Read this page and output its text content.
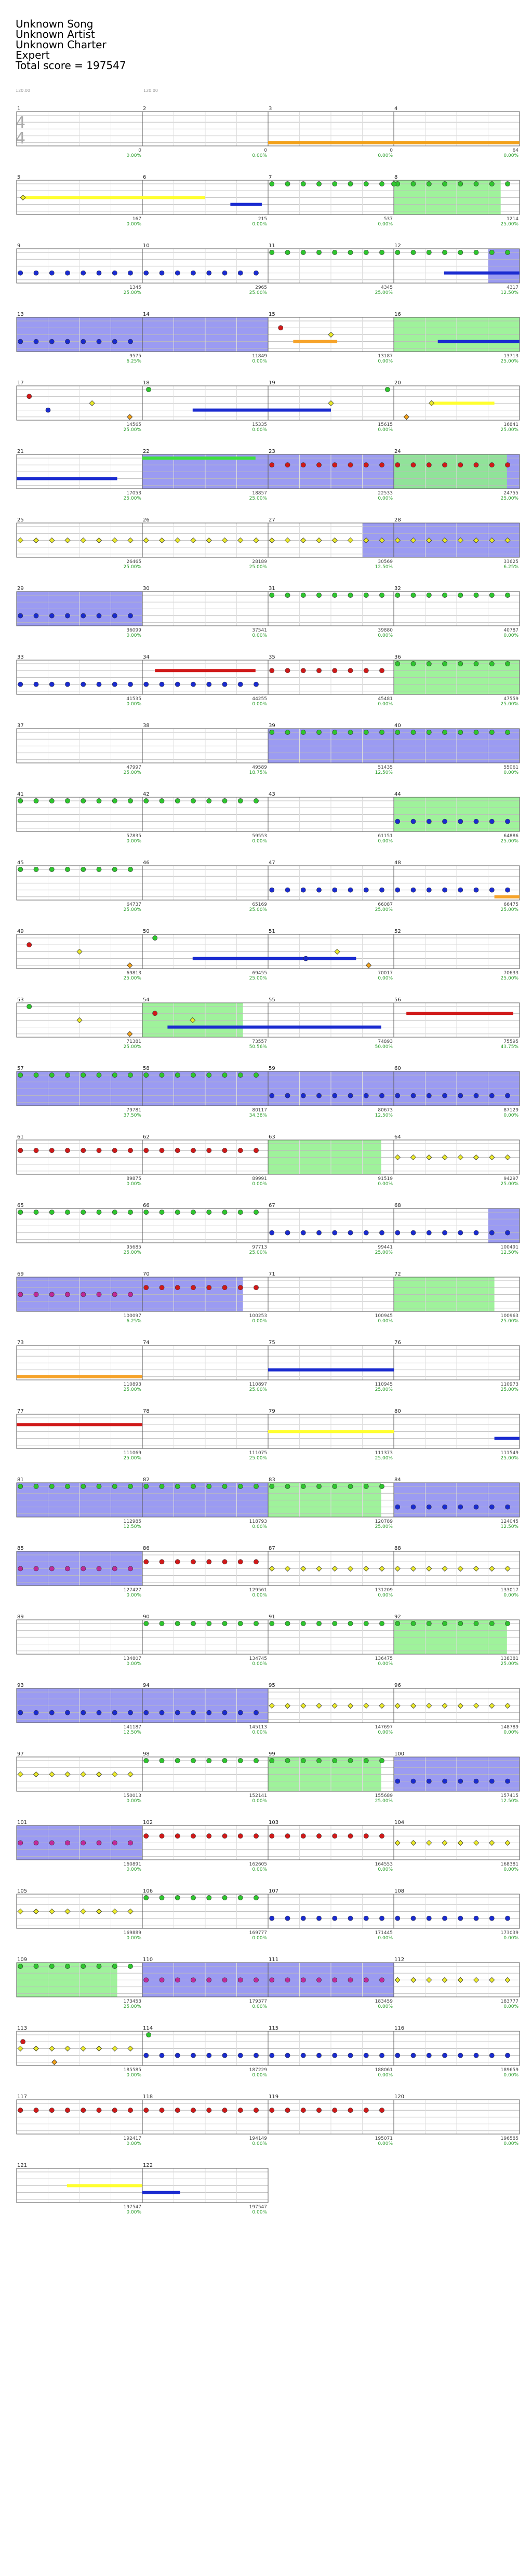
Unknown Song
Unknown Artist
Unknown Charter
Expert
Total score = 197547
120.00	120.00
4
4
1
0
0.00%
2
0
0.00%
3
0
0.00%
4
64
0.00%
5
167
0.00%
6
215
0.00%
7
537
0.00%
8
1214
25.00%
9
1345
25.00%
10
2965
25.00%
11
4345
25.00%
12
4317
12.50%
13
9575
6.25%
14
11849
0.00%
15
13187
0.00%
16
13713
25.00%
17
14565
25.00%
18
15335
0.00%
19
15615
0.00%
20
16841
25.00%
21
17053
25.00%
22
18857
25.00%
23
22533
0.00%
24
24755
25.00%
25
26465
25.00%
26
28189
25.00%
27
30569
12.50%
28
33625
6.25%
29
36099
0.00%
30
37541
0.00%
31
39880
0.00%
32
40787
0.00%
33
41535
0.00%
34
44255
0.00%
35
45481
0.00%
36
47559
25.00%
37
47997
25.00%
38
49589
18.75%
39
51435
12.50%
40
55061
0.00%
41
57835
0.00%
42
59553
0.00%
43
61151
0.00%
44
64886
25.00%
45
64737
25.00%
46
65169
25.00%
47
66087
25.00%
48
66475
25.00%
49
69813
25.00%
50
69455
25.00%
51
70017
0.00%
52
70633
25.00%
53
71381
25.00%
54
73557
50.56%
55
74893
50.00%
56
75595
43.75%
57
79781
37.50%
58
80117
34.38%
59
80673
12.50%
60
87129
0.00%
61
89875
0.00%
62
89991
0.00%
63
91519
0.00%
64
94297
25.00%
65
95685
25.00%
66
97713
25.00%
67
99441
25.00%
68
100491
12.50%
69
100097
6.25%
70
100253
0.00%
71
100945
0.00%
72
100963
25.00%
73
110893
25.00%
74
110897
25.00%
75
110945
25.00%
76
110973
25.00%
77
111069
25.00%
78
111075
25.00%
79
111373
25.00%
80
111549
25.00%
81
112985
12.50%
82
118793
0.00%
83
120789
25.00%
84
124045
12.50%
85
127427
0.00%
86
129561
0.00%
87
131209
0.00%
88
133017
0.00%
89
134807
0.00%
90
134745
0.00%
91
136475
0.00%
92
138381
25.00%
93
141187
12.50%
94
145113
0.00%
95
147697
0.00%
96
148789
0.00%
97
150013
0.00%
98
152141
0.00%
99
155689
25.00%
100
157415
12.50%
101
160891
0.00%
102
162605
0.00%
103
164553
0.00%
104
168381
0.00%
105
169889
0.00%
106
169777
0.00%
107
171445
0.00%
108
173039
0.00%
109
173453
25.00%
110
179377
0.00%
111
183459
0.00%
112
183777
0.00%
113
185585
0.00%
114
187229
0.00%
115
188061
0.00%
116
189659
0.00%
117
192417
0.00%
118
194149
0.00%
119
195071
0.00%
120
196585
0.00%
121
197547
0.00%
122
197547
0.00%
